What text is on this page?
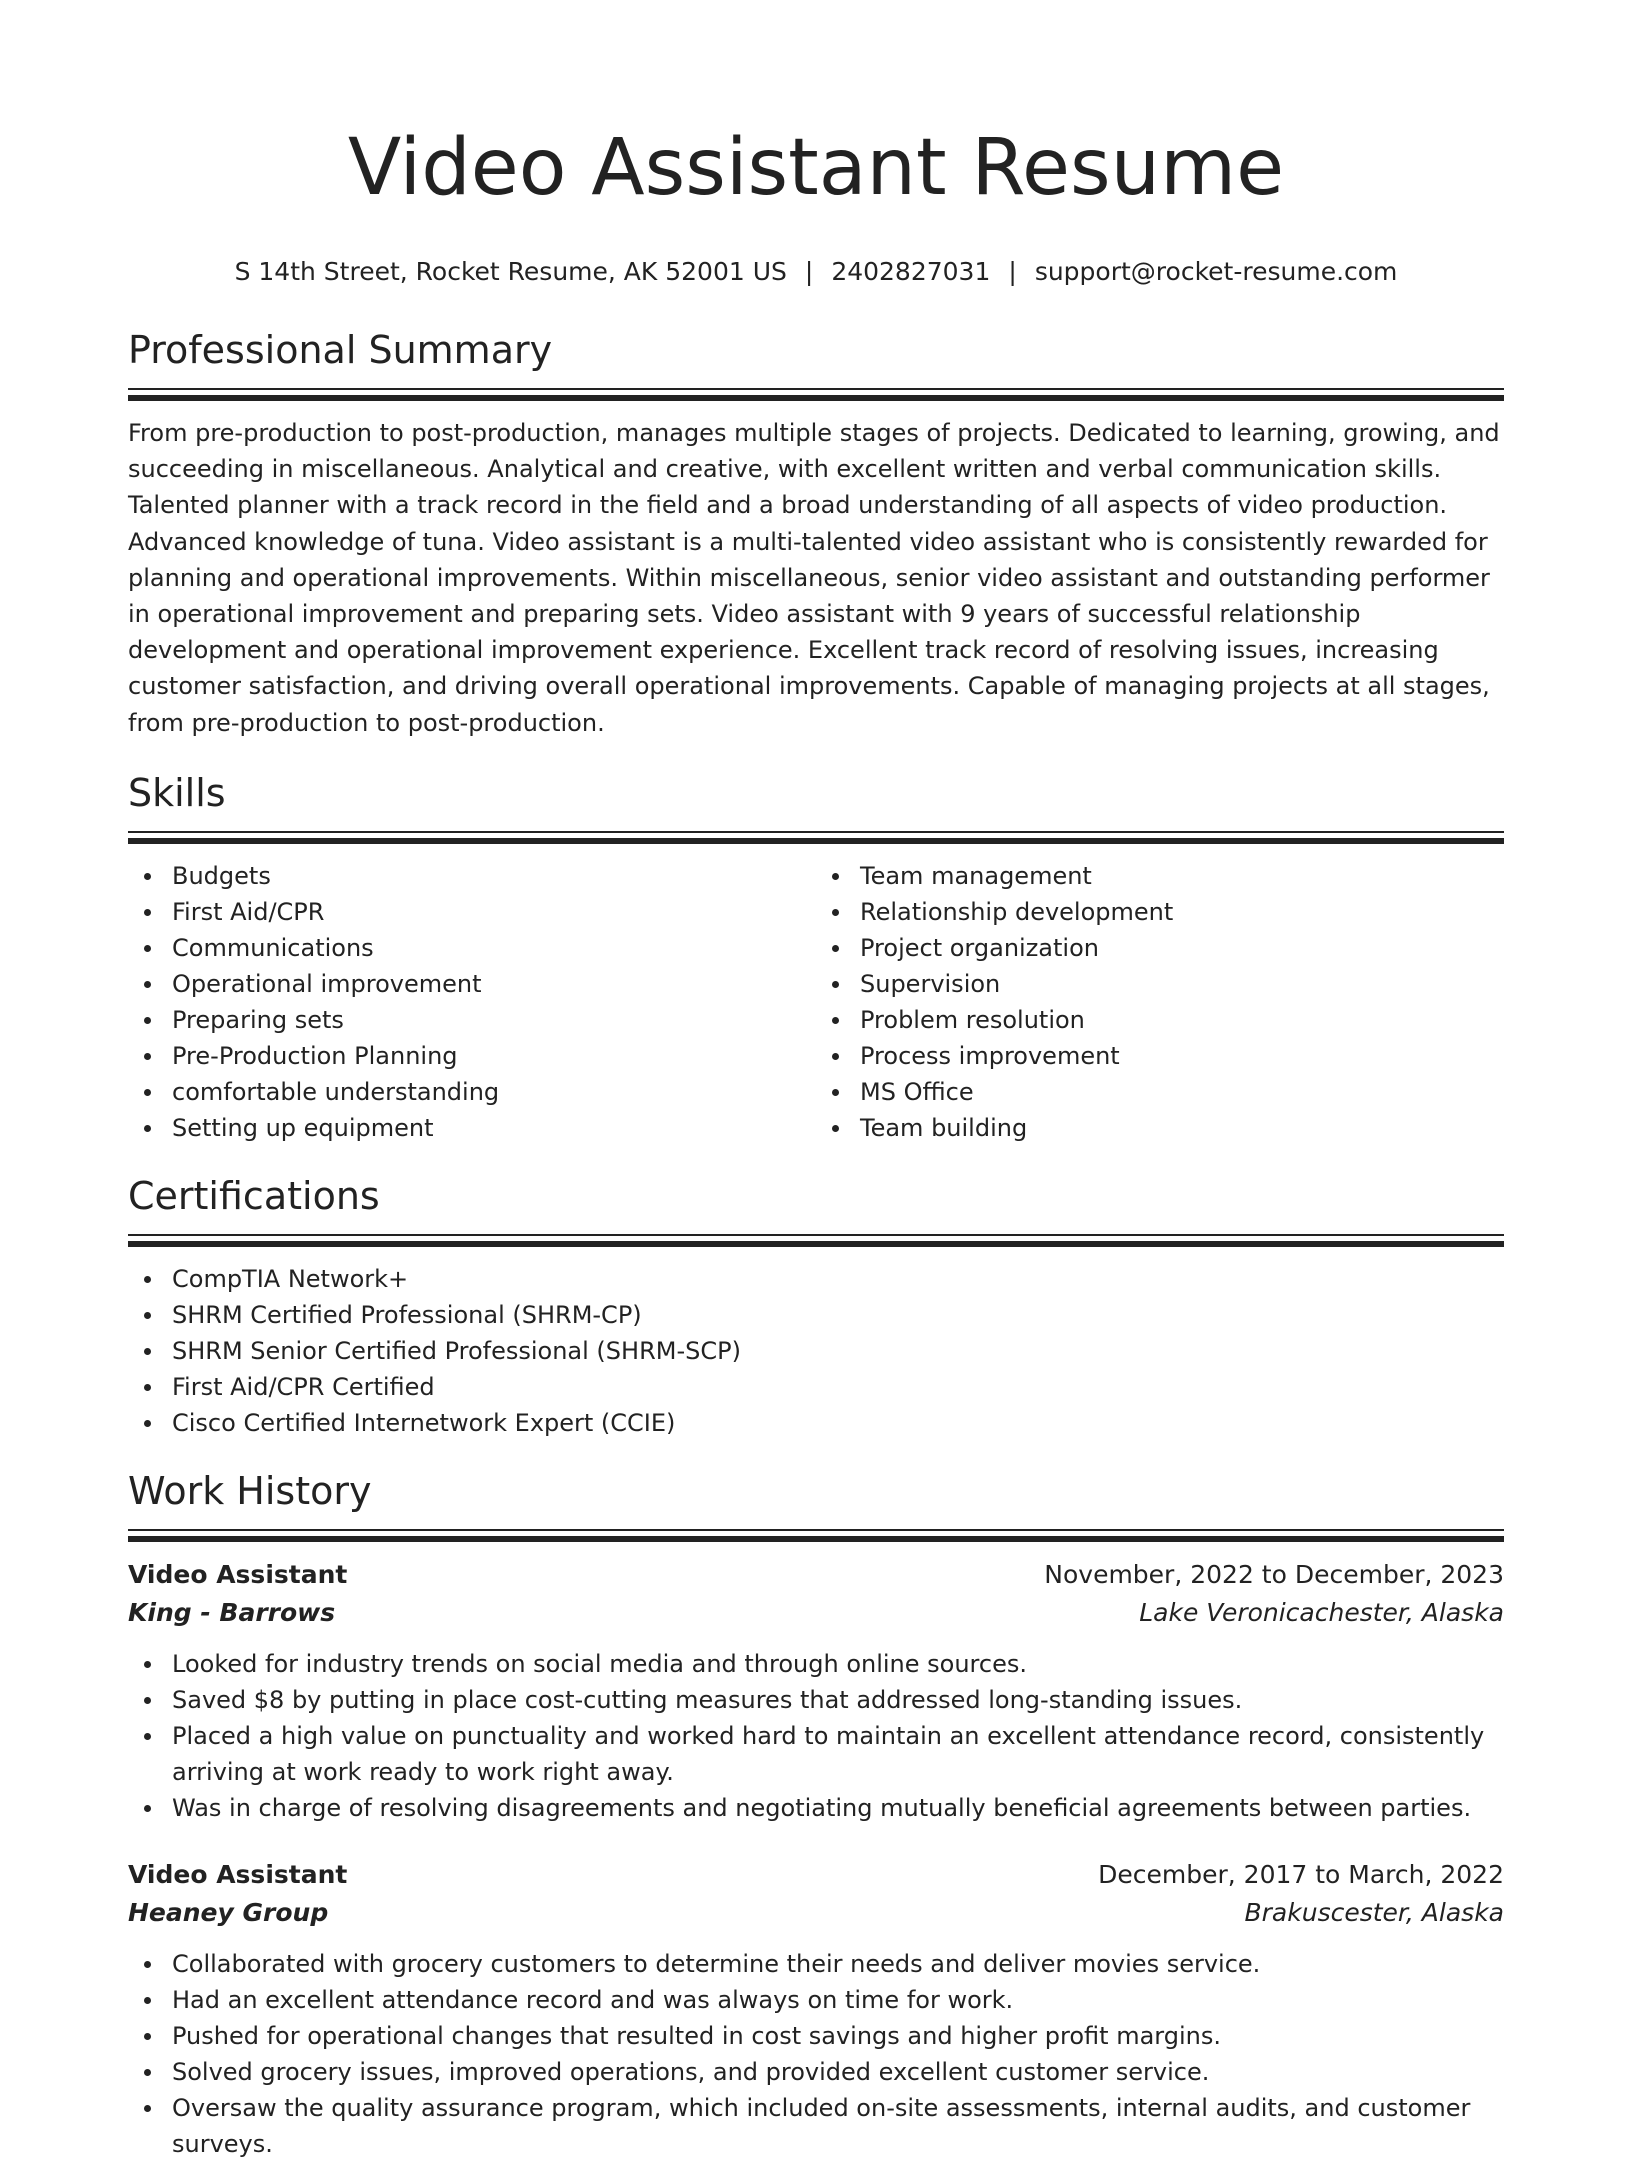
Video Assistant Resume
S 14th Street, Rocket Resume, AK 52001 US | 2402827031 | support@rocket-resume.com
Professional Summary

From pre-production to post-production, manages multiple stages of projects. Dedicated to learning, growing, and succeeding in miscellaneous. Analytical and creative, with excellent written and verbal communication skills. Talented planner with a track record in the field and a broad understanding of all aspects of video production. Advanced knowledge of tuna. Video assistant is a multi-talented video assistant who is consistently rewarded for planning and operational improvements. Within miscellaneous, senior video assistant and outstanding performer in operational improvement and preparing sets. Video assistant with 9 years of successful relationship development and operational improvement experience. Excellent track record of resolving issues, increasing customer satisfaction, and driving overall operational improvements. Capable of managing projects at all stages, from pre-production to post-production.

Skills
Budgets
First Aid/CPR
Communications
Operational improvement
Preparing sets
Pre-Production Planning
comfortable understanding
Setting up equipment
Team management
Relationship development
Project organization
Supervision
Problem resolution
Process improvement
MS Office
Team building
Certifications
CompTIA Network+
SHRM Certified Professional (SHRM-CP)
SHRM Senior Certified Professional (SHRM-SCP)
First Aid/CPR Certified
Cisco Certified Internetwork Expert (CCIE)
Work History
Video Assistant	November, 2022 to December, 2023
King - Barrows	Lake Veronicachester, Alaska
Looked for industry trends on social media and through online sources.
Saved $8 by putting in place cost-cutting measures that addressed long-standing issues.
Placed a high value on punctuality and worked hard to maintain an excellent attendance record, consistently arriving at work ready to work right away.
Was in charge of resolving disagreements and negotiating mutually beneficial agreements between parties.
Video Assistant	December, 2017 to March, 2022
Heaney Group	Brakuscester, Alaska
Collaborated with grocery customers to determine their needs and deliver movies service.
Had an excellent attendance record and was always on time for work.
Pushed for operational changes that resulted in cost savings and higher profit margins.
Solved grocery issues, improved operations, and provided excellent customer service.
Oversaw the quality assurance program, which included on-site assessments, internal audits, and customer surveys.
